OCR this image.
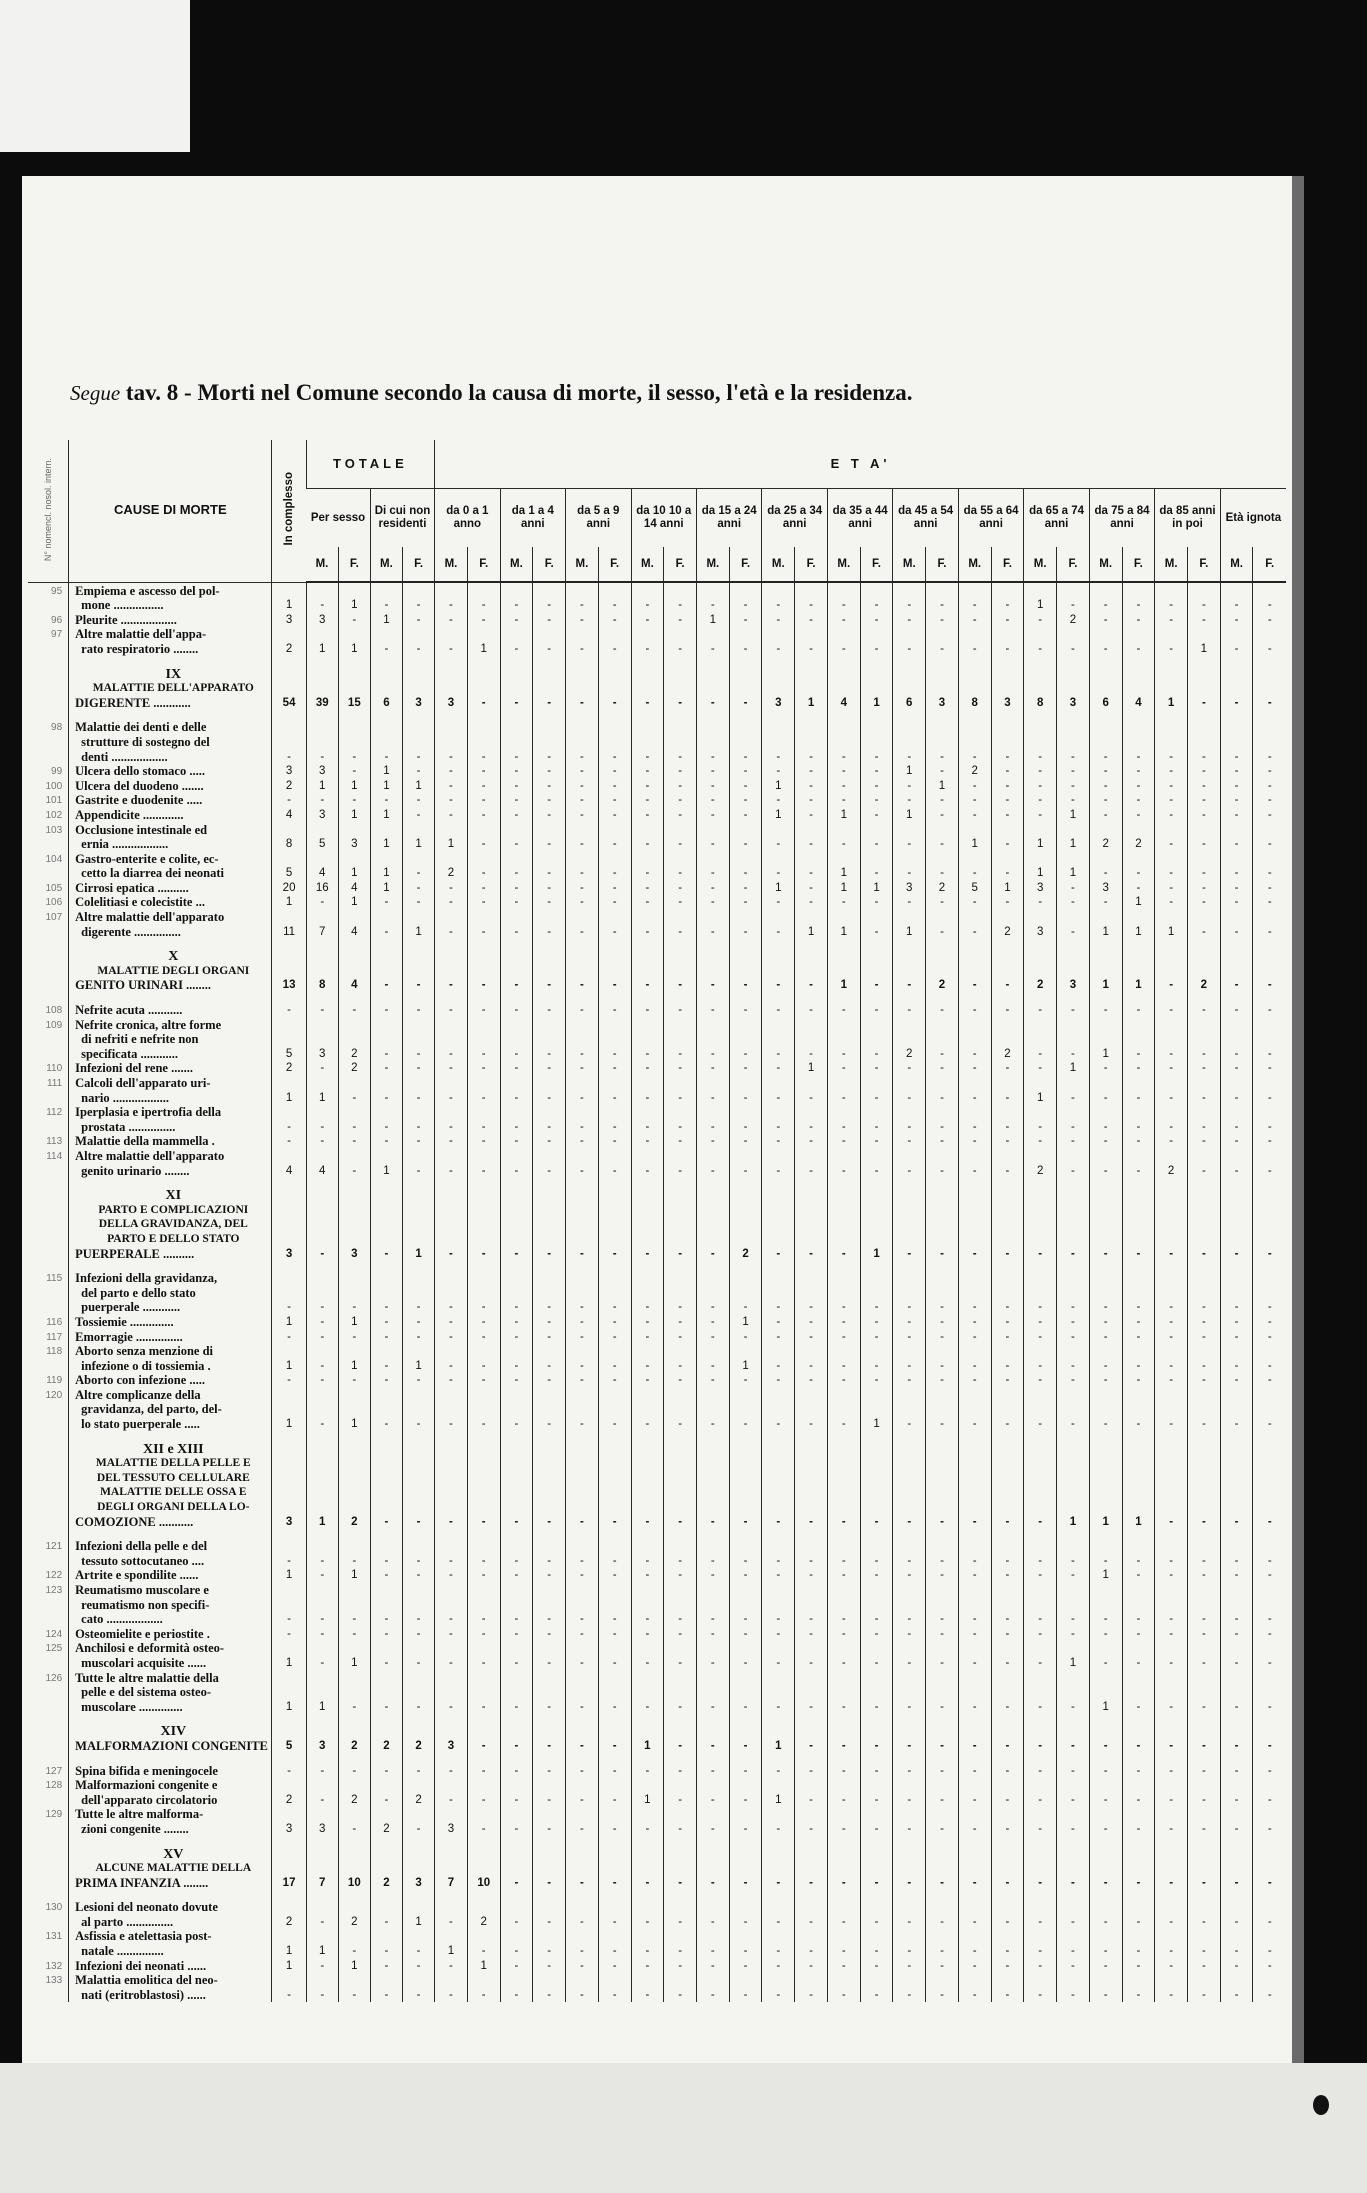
Segue tav. 8 - Morti nel Comune secondo la causa di morte, il sesso, l'età e la residenza.
N° nomencl. nosol. intern.	CAUSE DI MORTE	In complesso	TOTALE				E T A'																									
			Per sesso		Di cui non residenti		da 0 a 1 anno		da 1 a 4 anni		da 5 a 9 anni		da 10 10 a 14 anni		da 15 a 24 anni		da 25 a 34 anni		da 35 a 44 anni		da 45 a 54 anni		da 55 a 64 anni		da 65 a 74 anni		da 75 a 84 anni		da 85 anni in poi		Età ignota	
			M.	F.	M.	F.	M.	F.	M.	F.	M.	F.	M.	F.	M.	F.	M.	F.	M.	F.	M.	F.	M.	F.	M.	F.	M.	F.	M.	F.	M.	F.
95	Empiema e ascesso del pol-																															
	mone ................	1	-	1	-	-	-	-	-	-	-	-	-	-	-	-	-	-	-	-	-	-	-	-	1	-	-	-	-	-	-	-
96	Pleurite ..................	3	3	-	1	-	-	-	-	-	-	-	-	-	1	-	-	-	-	-	-	-	-	-	-	2	-	-	-	-	-	-
97	Altre malattie dell'appa-																															
	rato respiratorio ........	2	1	1	-	-	-	1	-	-	-	-	-	-	-	-	-	-	-	-	-	-	-	-	-	-	-	-	-	1	-	-

	IX																															
	MALATTIE DELL'APPARATO																															
	DIGERENTE ............	54	39	15	6	3	3	-	-	-	-	-	-	-	-	-	3	1	4	1	6	3	8	3	8	3	6	4	1	-	-	-

98	Malattie dei denti e delle																															
	strutture di sostegno del																															
	denti ..................	-	-	-	-	-	-	-	-	-	-	-	-	-	-	-	-	-	-	-	-	-	-	-	-	-	-	-	-	-	-	-
99	Ulcera dello stomaco .....	3	3	-	1	-	-	-	-	-	-	-	-	-	-	-	-	-	-	-	1	-	2	-	-	-	-	-	-	-	-	-
100	Ulcera del duodeno .......	2	1	1	1	1	-	-	-	-	-	-	-	-	-	-	1	-	-	-	-	1	-	-	-	-	-	-	-	-	-	-
101	Gastrite e duodenite .....	-	-	-	-	-	-	-	-	-	-	-	-	-	-	-	-	-	-	-	-	-	-	-	-	-	-	-	-	-	-	-
102	Appendicite .............	4	3	1	1	-	-	-	-	-	-	-	-	-	-	-	1	-	1	-	1	-	-	-	-	1	-	-	-	-	-	-
103	Occlusione intestinale ed																															
	ernia ..................	8	5	3	1	1	1	-	-	-	-	-	-	-	-	-	-	-	-	-	-	-	1	-	1	1	2	2	-	-	-	-
104	Gastro-enterite e colite, ec-																															
	cetto la diarrea dei neonati	5	4	1	1	-	2	-	-	-	-	-	-	-	-	-	-	-	1	-	-	-	-	-	1	1	-	-	-	-	-	-
105	Cirrosi epatica ..........	20	16	4	1	-	-	-	-	-	-	-	-	-	-	-	1	-	1	1	3	2	5	1	3	-	3	-	-	-	-	-
106	Colelitiasi e colecistite ...	1	-	1	-	-	-	-	-	-	-	-	-	-	-	-	-	-	-	-	-	-	-	-	-	-	-	1	-	-	-	-
107	Altre malattie dell'apparato																															
	digerente ...............	11	7	4	-	1	-	-	-	-	-	-	-	-	-	-	-	1	1	-	1	-	-	2	3	-	1	1	1	-	-	-

	X																															
	MALATTIE DEGLI ORGANI																															
	GENITO URINARI ........	13	8	4	-	-	-	-	-	-	-	-	-	-	-	-	-	-	1	-	-	2	-	-	2	3	1	1	-	2	-	-

108	Nefrite acuta ...........	-	-	-	-	-	-	-	-	-	-	-	-	-	-	-	-	-	-	-	-	-	-	-	-	-	-	-	-	-	-	-
109	Nefrite cronica, altre forme																															
	di nefriti e nefrite non																															
	specificata ............	5	3	2	-	-	-	-	-	-	-	-	-	-	-	-	-	-	-	-	2	-	-	2	-	-	1	-	-	-	-	-
110	Infezioni del rene .......	2	-	2	-	-	-	-	-	-	-	-	-	-	-	-	-	1	-	-	-	-	-	-	-	1	-	-	-	-	-	-
111	Calcoli dell'apparato uri-																															
	nario ..................	1	1	-	-	-	-	-	-	-	-	-	-	-	-	-	-	-	-	-	-	-	-	-	1	-	-	-	-	-	-	-
112	Iperplasia e ipertrofia della																															
	prostata ...............	-	-	-	-	-	-	-	-	-	-	-	-	-	-	-	-	-	-	-	-	-	-	-	-	-	-	-	-	-	-	-
113	Malattie della mammella .	-	-	-	-	-	-	-	-	-	-	-	-	-	-	-	-	-	-	-	-	-	-	-	-	-	-	-	-	-	-	-
114	Altre malattie dell'apparato																															
	genito urinario ........	4	4	-	1	-	-	-	-	-	-	-	-	-	-	-	-	-	-	-	-	-	-	-	2	-	-	-	2	-	-	-

	XI																															
	PARTO E COMPLICAZIONI																															
	DELLA GRAVIDANZA, DEL																															
	PARTO E DELLO STATO																															
	PUERPERALE ..........	3	-	3	-	1	-	-	-	-	-	-	-	-	-	2	-	-	-	1	-	-	-	-	-	-	-	-	-	-	-	-

115	Infezioni della gravidanza,																															
	del parto e dello stato																															
	puerperale ............	-	-	-	-	-	-	-	-	-	-	-	-	-	-	-	-	-	-	-	-	-	-	-	-	-	-	-	-	-	-	-
116	Tossiemie ..............	1	-	1	-	-	-	-	-	-	-	-	-	-	-	1	-	-	-	-	-	-	-	-	-	-	-	-	-	-	-	-
117	Emorragie ...............	-	-	-	-	-	-	-	-	-	-	-	-	-	-	-	-	-	-	-	-	-	-	-	-	-	-	-	-	-	-	-
118	Aborto senza menzione di																															
	infezione o di tossiemia .	1	-	1	-	1	-	-	-	-	-	-	-	-	-	1	-	-	-	-	-	-	-	-	-	-	-	-	-	-	-	-
119	Aborto con infezione .....	-	-	-	-	-	-	-	-	-	-	-	-	-	-	-	-	-	-	-	-	-	-	-	-	-	-	-	-	-	-	-
120	Altre complicanze della																															
	gravidanza, del parto, del-																															
	lo stato puerperale .....	1	-	1	-	-	-	-	-	-	-	-	-	-	-	-	-	-	-	1	-	-	-	-	-	-	-	-	-	-	-	-

	XII e XIII																															
	MALATTIE DELLA PELLE E																															
	DEL TESSUTO CELLULARE																															
	MALATTIE DELLE OSSA E																															
	DEGLI ORGANI DELLA LO-																															
	COMOZIONE ...........	3	1	2	-	-	-	-	-	-	-	-	-	-	-	-	-	-	-	-	-	-	-	-	-	1	1	1	-	-	-	-

121	Infezioni della pelle e del																															
	tessuto sottocutaneo ....	-	-	-	-	-	-	-	-	-	-	-	-	-	-	-	-	-	-	-	-	-	-	-	-	-	-	-	-	-	-	-
122	Artrite e spondilite ......	1	-	1	-	-	-	-	-	-	-	-	-	-	-	-	-	-	-	-	-	-	-	-	-	-	1	-	-	-	-	-
123	Reumatismo muscolare e																															
	reumatismo non specifi-																															
	cato ..................	-	-	-	-	-	-	-	-	-	-	-	-	-	-	-	-	-	-	-	-	-	-	-	-	-	-	-	-	-	-	-
124	Osteomielite e periostite .	-	-	-	-	-	-	-	-	-	-	-	-	-	-	-	-	-	-	-	-	-	-	-	-	-	-	-	-	-	-	-
125	Anchilosi e deformità osteo-																															
	muscolari acquisite ......	1	-	1	-	-	-	-	-	-	-	-	-	-	-	-	-	-	-	-	-	-	-	-	-	1	-	-	-	-	-	-
126	Tutte le altre malattie della																															
	pelle e del sistema osteo-																															
	muscolare ..............	1	1	-	-	-	-	-	-	-	-	-	-	-	-	-	-	-	-	-	-	-	-	-	-	-	1	-	-	-	-	-

	XIV																															
	MALFORMAZIONI CONGENITE	5	3	2	2	2	3	-	-	-	-	-	1	-	-	-	1	-	-	-	-	-	-	-	-	-	-	-	-	-	-	-

127	Spina bifida e meningocele	-	-	-	-	-	-	-	-	-	-	-	-	-	-	-	-	-	-	-	-	-	-	-	-	-	-	-	-	-	-	-
128	Malformazioni congenite e																															
	dell'apparato circolatorio	2	-	2	-	2	-	-	-	-	-	-	1	-	-	-	1	-	-	-	-	-	-	-	-	-	-	-	-	-	-	-
129	Tutte le altre malforma-																															
	zioni congenite ........	3	3	-	2	-	3	-	-	-	-	-	-	-	-	-	-	-	-	-	-	-	-	-	-	-	-	-	-	-	-	-

	XV																															
	ALCUNE MALATTIE DELLA																															
	PRIMA INFANZIA ........	17	7	10	2	3	7	10	-	-	-	-	-	-	-	-	-	-	-	-	-	-	-	-	-	-	-	-	-	-	-	-

130	Lesioni del neonato dovute																															
	al parto ...............	2	-	2	-	1	-	2	-	-	-	-	-	-	-	-	-	-	-	-	-	-	-	-	-	-	-	-	-	-	-	-
131	Asfissia e atelettasia post-																															
	natale ...............	1	1	-	-	-	1	-	-	-	-	-	-	-	-	-	-	-	-	-	-	-	-	-	-	-	-	-	-	-	-	-
132	Infezioni dei neonati ......	1	-	1	-	-	-	1	-	-	-	-	-	-	-	-	-	-	-	-	-	-	-	-	-	-	-	-	-	-	-	-
133	Malattia emolitica del neo-																															
	nati (eritroblastosi) ......	-	-	-	-	-	-	-	-	-	-	-	-	-	-	-	-	-	-	-	-	-	-	-	-	-	-	-	-	-	-	-
